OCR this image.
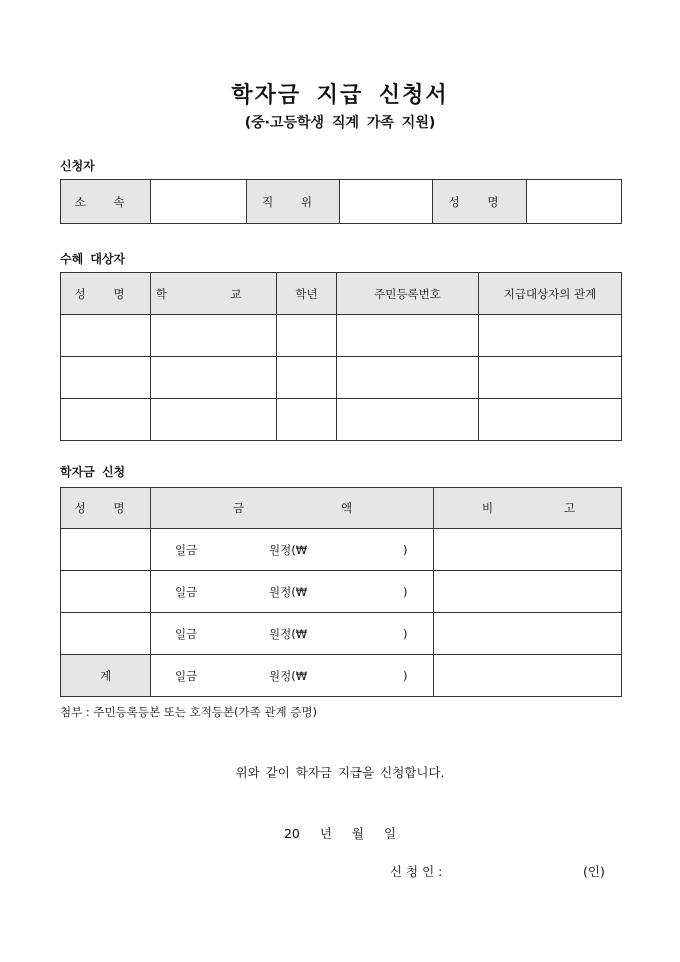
학자금 지급 신청서
(중·고등학생 직계 가족 지원)
신청자
소 속		직 위		성 명	
수혜 대상자
성 명	학 교	학년	주민등록번호	지급대상자의 관계

학자금 신청
성 명	금 액	비 고

	일금 원정(₩ )	

	일금 원정(₩ )	

	일금 원정(₩ )	

계	일금 원정(₩ )	

첨부 : 주민등록등본 또는 호적등본(가족 관계 증명)
위와 같이 학자금 지급을 신청합니다.
20 년 월 일
신 청 인 :	(인)
